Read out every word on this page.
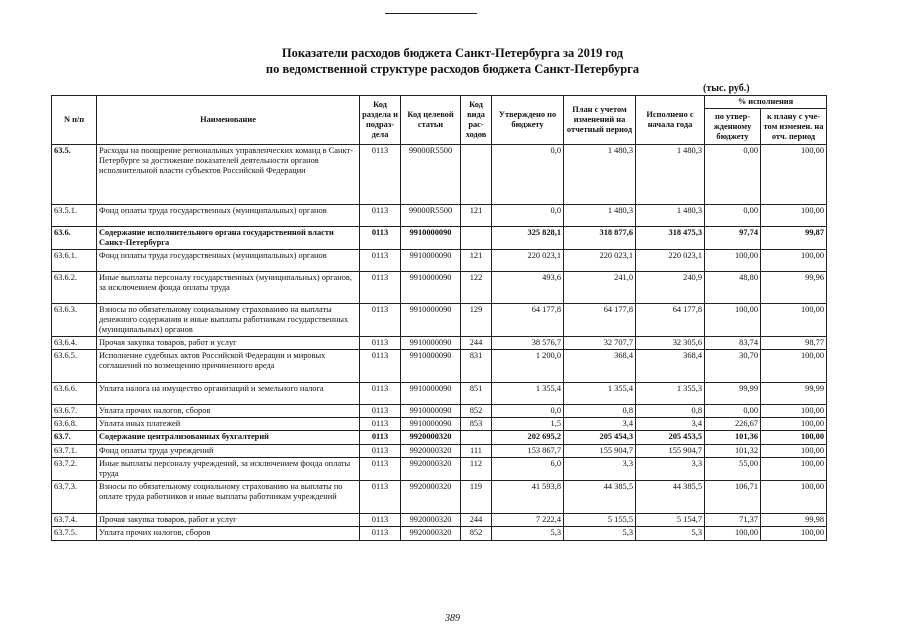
Показатели расходов бюджета Санкт-Петербурга за 2019 год
по ведомственной структуре расходов бюджета Санкт-Петербурга
(тыс. руб.)
N п/п	Наименование	Код раздела и подраз-дела	Код целевой статьи	Код вида рас-ходов	Утверждено по бюджету	План с учетом изменений на отчетный период	Исполнено с начала года	% исполнения	
								по утвер-жденному бюджету	к плану с уче-том изменен. на отч. период
63.5.	Расходы на поощрение региональных управленческих команд в Санкт-Петербурге за достижение показателей деятельности органов исполнительной власти субъектов Российской Федерации	0113	99000R5500		0,0	1 480,3	1 480,3	0,00	100,00
63.5.1.	Фонд оплаты труда государственных (муниципальных) органов	0113	99000R5500	121	0,0	1 480,3	1 480,3	0,00	100,00
63.6.	Содержание исполнительного органа государственной власти Санкт-Петербурга	0113	9910000090		325 828,1	318 877,6	318 475,3	97,74	99,87
63.6.1.	Фонд оплаты труда государственных (муниципальных) органов	0113	9910000090	121	220 023,1	220 023,1	220 023,1	100,00	100,00
63.6.2.	Иные выплаты персоналу государственных (муниципальных) органов, за исключением фонда оплаты труда	0113	9910000090	122	493,6	241,0	240,9	48,80	99,96
63.6.3.	Взносы по обязательному социальному страхованию на выплаты денежного содержания и иные выплаты работникам государственных (муниципальных) органов	0113	9910000090	129	64 177,8	64 177,8	64 177,8	100,00	100,00
63.6.4.	Прочая закупка товаров, работ и услуг	0113	9910000090	244	38 576,7	32 707,7	32 305,6	83,74	98,77
63.6.5.	Исполнение судебных актов Российской Федерации и мировых соглашений по возмещению причиненного вреда	0113	9910000090	831	1 200,0	368,4	368,4	30,70	100,00
63.6.6.	Уплата налога на имущество организаций и земельного налога	0113	9910000090	851	1 355,4	1 355,4	1 355,3	99,99	99,99
63.6.7.	Уплата прочих налогов, сборов	0113	9910000090	852	0,0	0,8	0,8	0,00	100,00
63.6.8.	Уплата иных платежей	0113	9910000090	853	1,5	3,4	3,4	226,67	100,00
63.7.	Содержание централизованных бухгалтерий	0113	9920000320		202 695,2	205 454,3	205 453,5	101,36	100,00
63.7.1.	Фонд оплаты труда учреждений	0113	9920000320	111	153 867,7	155 904,7	155 904,7	101,32	100,00
63.7.2.	Иные выплаты персоналу учреждений, за исключением фонда оплаты труда	0113	9920000320	112	6,0	3,3	3,3	55,00	100,00
63.7.3.	Взносы по обязательному социальному страхованию на выплаты по оплате труда работников и иные выплаты работникам учреждений	0113	9920000320	119	41 593,8	44 385,5	44 385,5	106,71	100,00
63.7.4.	Прочая закупка товаров, работ и услуг	0113	9920000320	244	7 222,4	5 155,5	5 154,7	71,37	99,98
63.7.5.	Уплата прочих налогов, сборов	0113	9920000320	852	5,3	5,3	5,3	100,00	100,00
389
